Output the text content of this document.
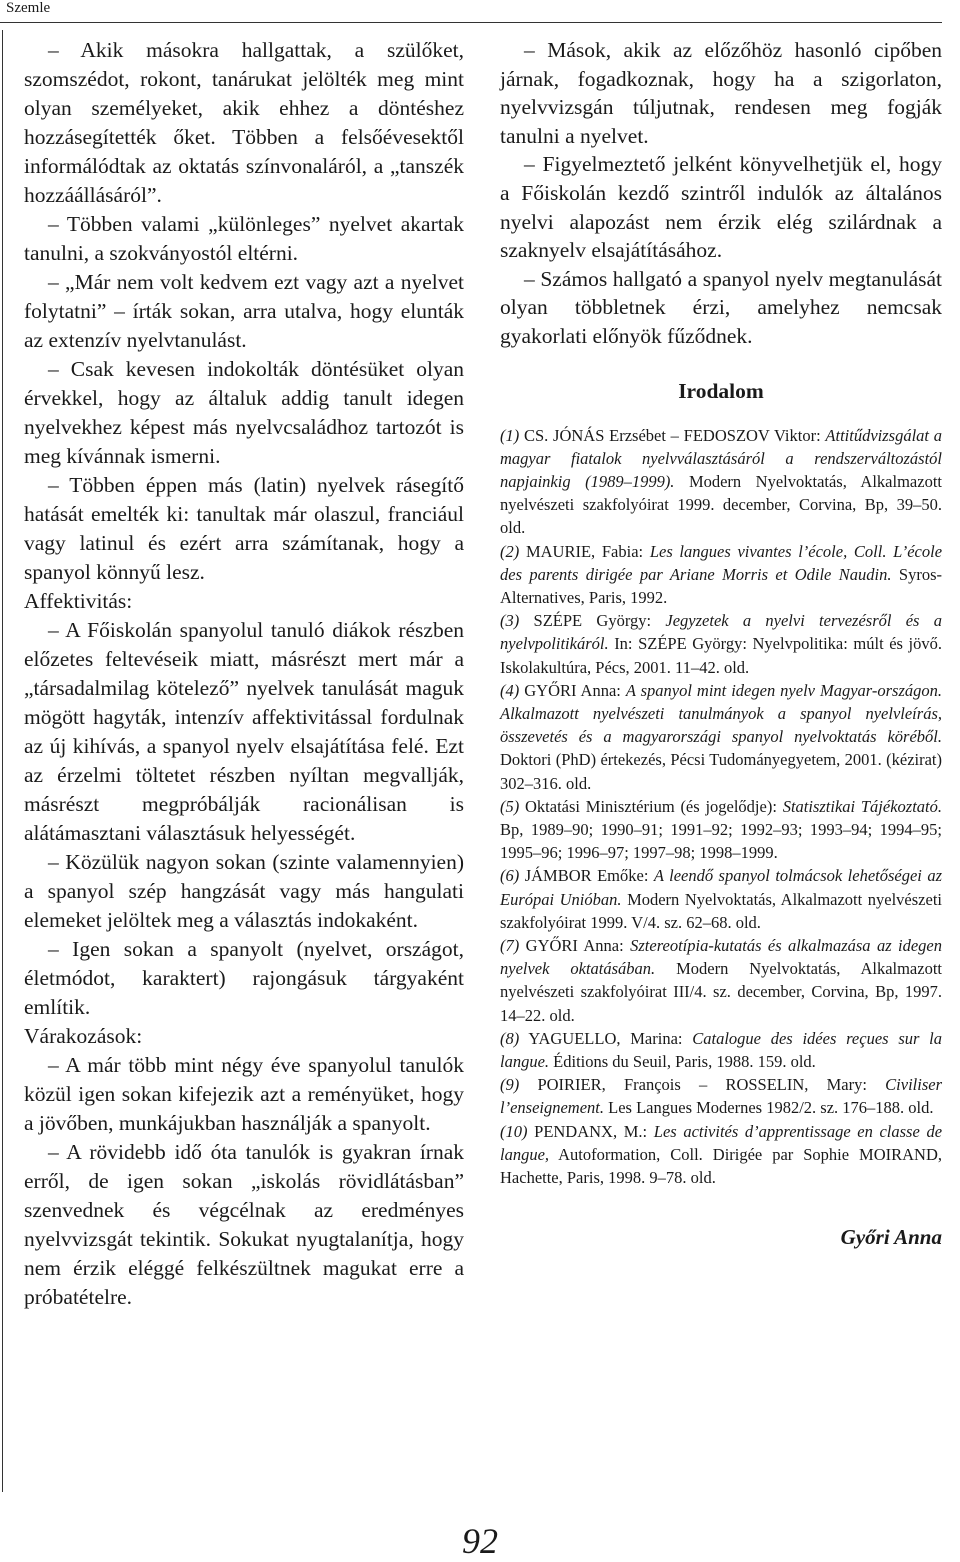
Szemle

– Akik másokra hallgattak, a szülőket, szomszédot, rokont, tanárukat jelölték meg mint olyan személyeket, akik ehhez a döntéshez hozzásegítették őket. Többen a felsőévesektől informálódtak az oktatás színvonaláról, a „tanszék hozzáállásáról”.

– Többen valami „különleges” nyelvet akartak tanulni, a szokványostól eltérni.

– „Már nem volt kedvem ezt vagy azt a nyelvet folytatni” – írták sokan, arra utalva, hogy elunták az extenzív nyelvtanulást.

– Csak kevesen indokolták döntésüket olyan érvekkel, hogy az általuk addig tanult idegen nyelvekhez képest más nyelvcsaládhoz tartozót is meg kívánnak ismerni.

– Többen éppen más (latin) nyelvek rásegítő hatását emelték ki: tanultak már olaszul, franciául vagy latinul és ezért arra számítanak, hogy a spanyol könnyű lesz.

Affektivitás:

– A Főiskolán spanyolul tanuló diákok részben előzetes feltevéseik miatt, másrészt mert már a „társadalmilag kötelező” nyelvek tanulását maguk mögött hagyták, intenzív affektivitással fordulnak az új kihívás, a spanyol nyelv elsajátítása felé. Ezt az érzelmi töltetet részben nyíltan megvallják, másrészt megpróbálják racionálisan is alátámasztani választásuk helyességét.

– Közülük nagyon sokan (szinte valamennyien) a spanyol szép hangzását vagy más hangulati elemeket jelöltek meg a választás indokaként.

– Igen sokan a spanyolt (nyelvet, országot, életmódot, karaktert) rajongásuk tárgyaként említik.

Várakozások:

– A már több mint négy éve spanyolul tanulók közül igen sokan kifejezik azt a reményüket, hogy a jövőben, munkájukban használják a spanyolt.

– A rövidebb idő óta tanulók is gyakran írnak erről, de igen sokan „iskolás rövidlátásban” szenvednek és végcélnak az eredményes nyelvvizsgát tekintik. Sokukat nyugtalanítja, hogy nem érzik eléggé felkészültnek magukat erre a próbatételre.

– Mások, akik az előzőhöz hasonló cipőben járnak, fogadkoznak, hogy ha a szigorlaton, nyelvvizsgán túljutnak, rendesen meg fogják tanulni a nyelvet.

– Figyelmeztető jelként könyvelhetjük el, hogy a Főiskolán kezdő szintről indulók az általános nyelvi alapozást nem érzik elég szilárdnak a szaknyelv elsajátításához.

– Számos hallgató a spanyol nyelv megtanulását olyan többletnek érzi, amelyhez nemcsak gyakorlati előnyök fűződnek.

Irodalom

(1) CS. JÓNÁS Erzsébet – FEDOSZOV Viktor: Attitűdvizsgálat a magyar fiatalok nyelvválasztásáról a rendszerváltozástól napjainkig (1989–1999). Modern Nyelvoktatás, Alkalmazott nyelvészeti szakfolyóirat 1999. december, Corvina, Bp, 39–50. old.

(2) MAURIE, Fabia: Les langues vivantes l’école, Coll. L’école des parents dirigée par Ariane Morris et Odile Naudin. Syros-Alternatives, Paris, 1992.

(3) SZÉPE György: Jegyzetek a nyelvi tervezésről és a nyelvpolitikáról. In: SZÉPE György: Nyelvpolitika: múlt és jövő. Iskolakultúra, Pécs, 2001. 11–42. old.

(4) GYŐRI Anna: A spanyol mint idegen nyelv Magyar-országon. Alkalmazott nyelvészeti tanulmányok a spanyol nyelvleírás, összevetés és a magyarországi spanyol nyelvoktatás köréből. Doktori (PhD) értekezés, Pécsi Tudományegyetem, 2001. (kézirat) 302–316. old.

(5) Oktatási Minisztérium (és jogelődje): Statisztikai Tájékoztató. Bp, 1989–90; 1990–91; 1991–92; 1992–93; 1993–94; 1994–95; 1995–96; 1996–97; 1997–98; 1998–1999.

(6) JÁMBOR Emőke: A leendő spanyol tolmácsok lehetőségei az Európai Unióban. Modern Nyelvoktatás, Alkalmazott nyelvészeti szakfolyóirat 1999. V/4. sz. 62–68. old.

(7) GYŐRI Anna: Sztereotípia-kutatás és alkalmazása az idegen nyelvek oktatásában. Modern Nyelvoktatás, Alkalmazott nyelvészeti szakfolyóirat III/4. sz. december, Corvina, Bp, 1997. 14–22. old.

(8) YAGUELLO, Marina: Catalogue des idées reçues sur la langue. Éditions du Seuil, Paris, 1988. 159. old.

(9) POIRIER, François – ROSSELIN, Mary: Civiliser l’enseignement. Les Langues Modernes 1982/2. sz. 176–188. old.

(10) PENDANX, M.: Les activités d’apprentissage en classe de langue, Autoformation, Coll. Dirigée par Sophie MOIRAND, Hachette, Paris, 1998. 9–78. old.

Győri Anna
92
